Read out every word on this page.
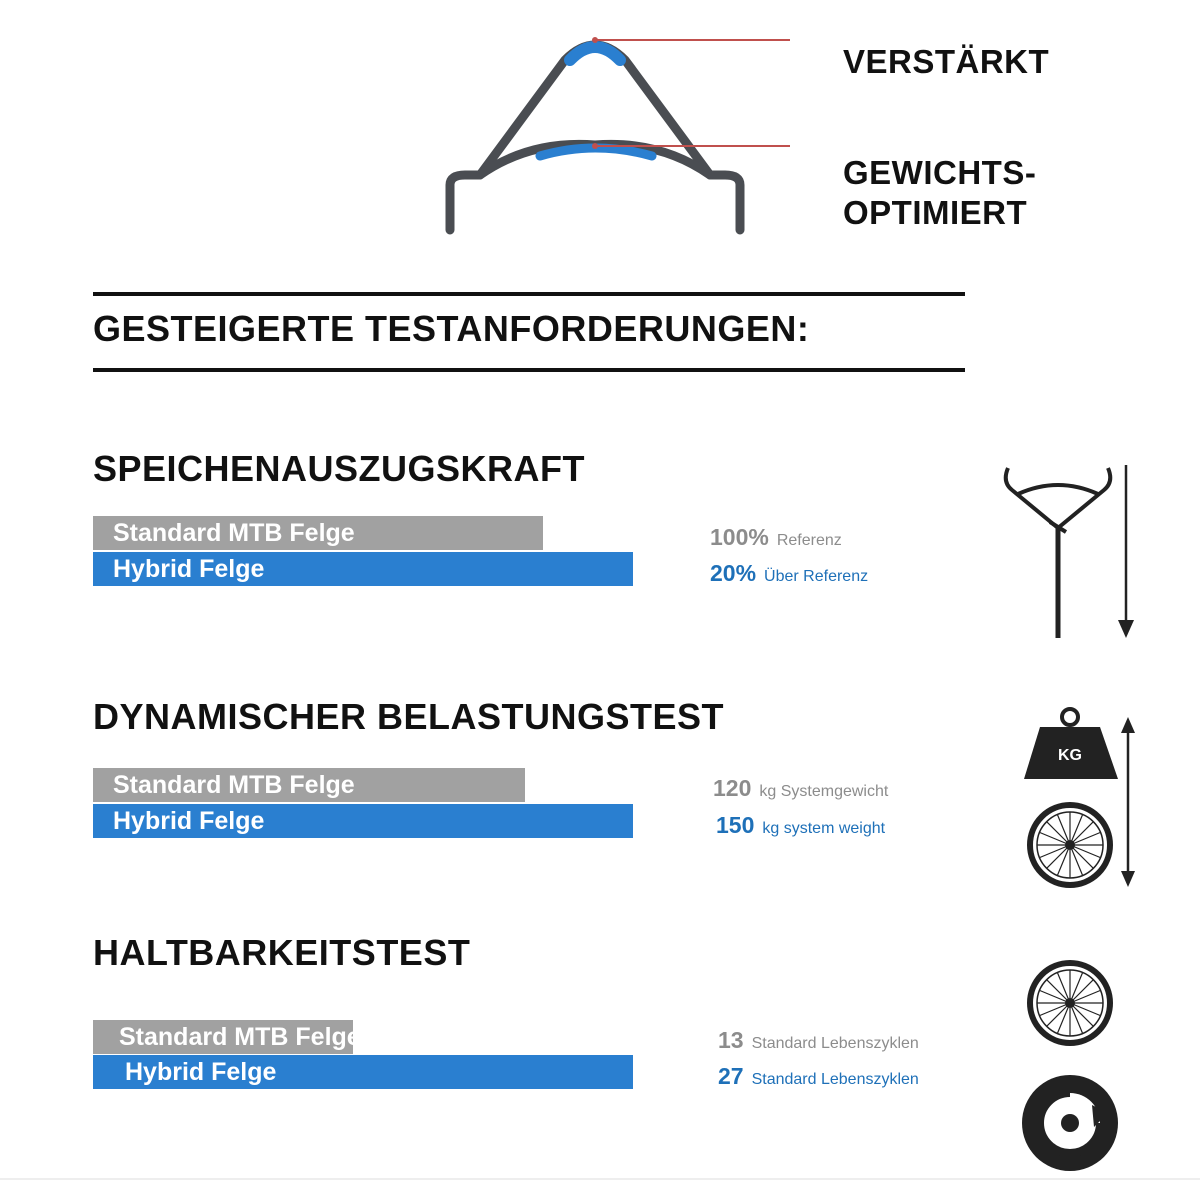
VERSTÄRKT
GEWICHTS-
OPTIMIERT
GESTEIGERTE TESTANFORDERUNGEN:
SPEICHENAUSZUGSKRAFT
Standard MTB Felge
Hybrid Felge
100% Referenz
20% Über Referenz
DYNAMISCHER BELASTUNGSTEST
Standard MTB Felge
Hybrid Felge
120 kg Systemgewicht
150 kg system weight
KG
HALTBARKEITSTEST
Standard MTB Felge
Hybrid Felge
13 Standard Lebenszyklen
27 Standard Lebenszyklen
